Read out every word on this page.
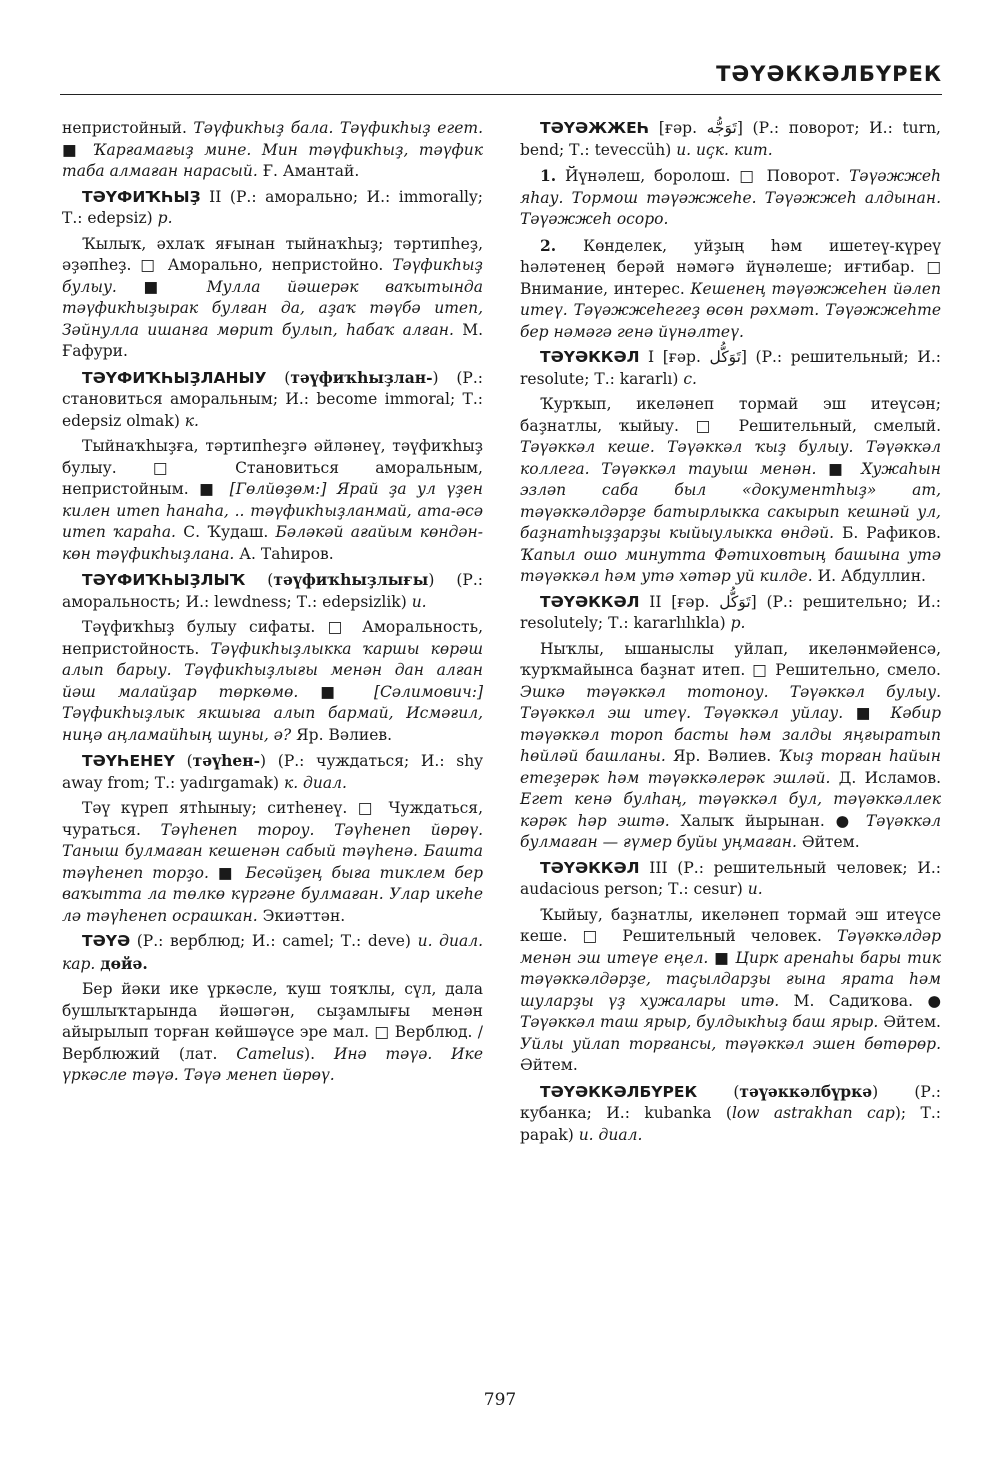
ТӘҮӘККӘЛБҮРЕК

непристойный. Тәүфикһыҙ бала. Тәүфикһыҙ егет. ■ Ҡарғамағыҙ мине. Мин тәүфикһыҙ, тәүфик таба алмаған нарасый. Ғ. Амантай.

ТӘҮФИҠҺЫҘ II (Р.: аморально; И.: immorally; Т.: edepsiz) р.

Ҡылыҡ, әхлаҡ яғынан тыйнаҡһыҙ; тәртипһеҙ, әҙәпһеҙ. □ Аморально, непристойно. Тәүфикһыҙ булыу. ■ Мулла йәшерәк ваҡытында тәүфикһыҙырак булған да, аҙаҡ тәүбә итеп, Зәйнулла ишанға мөрит булып, һабаҡ алған. М. Ғафури.

ТӘҮФИҠҺЫҘЛАНЫУ (тәүфиҡһыҙлан-) (Р.: становиться аморальным; И.: become immoral; Т.: edepsiz olmak) к.

Тыйнаҡһыҙға, тәртипһеҙгә әйләнеү, тәүфиҡһыҙ булыу. □ Становиться аморальным, непристойным. ■ [Гөлйөҙөм:] Ярай ҙа ул үҙен килен итеп һанаһа, .. тәүфикһыҙланмай, ата-әсә итеп ҡараһа. С. Ҡудаш. Бәләкәй ағайым көндән-көн тәүфикһыҙлана. А. Таһиров.

ТӘҮФИҠҺЫҘЛЫҠ (тәүфиҡһыҙлығы) (Р.: аморальность; И.: lewdness; Т.: edepsizlik) и.

Тәүфиҡһыҙ булыу сифаты. □ Аморальность, непристойность. Тәүфикһыҙлыкка ҡаршы көрәш алып барыу. Тәүфикһыҙлығы менән дан алған йәш малайҙар төркөмө. ■ [Сәлимович:] Тәүфикһыҙлык якшыға алып бармай, Исмәғил, ниңә аңламайһың шуны, ә? Яр. Вәлиев.

ТӘҮҺЕНЕҮ (тәүһен-) (Р.: чуждаться; И.: shy away from; Т.: yadırgamak) к. диал.

Тәү күреп ятһыныу; ситһенеү. □ Чуждаться, чураться. Тәүһенеп тороу. Тәүһенеп йөрөү. Таныш булмаған кешенән сабый тәүһенә. Башта тәүһенеп торҙо. ■ Бесәйҙең быға тиклем бер ваҡытта ла төлкө күргәне булмаған. Улар икеһе лә тәүһенеп осрашкан. Экиәттән.

ТӘҮӘ (Р.: верблюд; И.: camel; Т.: deve) и. диал. кар. дөйә.

Бер йәки ике үркәсле, ҡуш тояҡлы, сүл, дала бушлыҡтарында йәшәгән, сыҙамлығы менән айырылып торған көйшәүсе эре мал. □ Верблюд. / Верблюжий (лат. Camelus). Инә тәүә. Ике үркәсле тәүә. Тәүә менеп йөрөү.

ТӘҮӘЖЖЕҺ [ғәр. تَوَجُّه] (Р.: поворот; И.: turn, bend; Т.: teveccüh) и. иҫк. кит.

1. Йүнәлеш, боролош. □ Поворот. Тәүәжжеһ яһау. Тормош тәүәжжеһе. Тәүәжжеһ алдынан. Тәүәжжеһ осоро.

2. Көнделек, уйҙың һәм ишетеү-күреү һәләтенең берәй нәмәгә йүнәлеше; иғтибар. □ Внимание, интерес. Кешенең тәүәжжеһен йәлеп итеү. Тәүәжжеһегеҙ өсөн рәхмәт. Тәүәжжеһте бер нәмәгә генә йүнәлтеү.

ТӘҮӘККӘЛ I [ғәр. تَوَكُّل] (Р.: решительный; И.: resolute; Т.: kararlı) с.

Ҡурҡып, икеләнеп тормай эш итеүсән; баҙнатлы, ҡыйыу. □ Решительный, смелый. Тәүәккәл кеше. Тәүәккәл ҡыҙ булыу. Тәүәккәл коллега. Тәүәккәл тауыш менән. ■ Хужаһын эзләп саба был «документһыҙ» ат, тәүәккәлдәрҙе батырлыкка сакырып кешнәй ул, баҙнатһыҙҙарҙы кыйыулыкка өндәй. Б. Рафиков. Ҡапыл ошо минутта Фәтиховтың башына утә тәүәккәл һәм утә хәтәр уй килде. И. Абдуллин.

ТӘҮӘККӘЛ II [ғәр. تَوَكُّل] (Р.: решительно; И.: resolutely; Т.: kararlılıkla) р.

Ныҡлы, ышаныслы уйлап, икеләнмәйенсә, ҡурҡмайынса баҙнат итеп. □ Решительно, смело. Эшкә тәүәккәл тотоноу. Тәүәккәл булыу. Тәүәккәл эш итеү. Тәүәккәл уйлау. ■ Кәбир тәүәккәл тороп басты һәм залды яңғыратып һөйләй башланы. Яр. Вәлиев. Ҡыҙ торған һайын етеҙерәк һәм тәүәккәлерәк эшләй. Д. Исламов. Егет кенә булһаң, тәүәккәл бул, тәүәккәллек кәрәк һәр эштә. Халыҡ йырынан. ● Тәүәккәл булмаған — ғүмер буйы уңмаған. Әйтем.

ТӘҮӘККӘЛ III (Р.: решительный человек; И.: audacious person; Т.: cesur) и.

Ҡыйыу, баҙнатлы, икеләнеп тормай эш итеүсе кеше. □ Решительный человек. Тәүәккәлдәр менән эш итеүе еңел. ■ Цирк аренаһы бары тик тәүәккәлдәрҙе, таҫылдарҙы ғына ярата һәм шуларҙы үҙ хужалары итә. М. Садиҡова. ● Тәүәккәл таш ярыр, булдыкһыҙ баш ярыр. Әйтем. Уйлы уйлап торғансы, тәүәккәл эшен бөтөрөр. Әйтем.

ТӘҮӘККӘЛБҮРЕК (тәүәккәлбүркә) (Р.: кубанка; И.: kubanka (low astrakhan cap); Т.: papak) и. диал.

797
